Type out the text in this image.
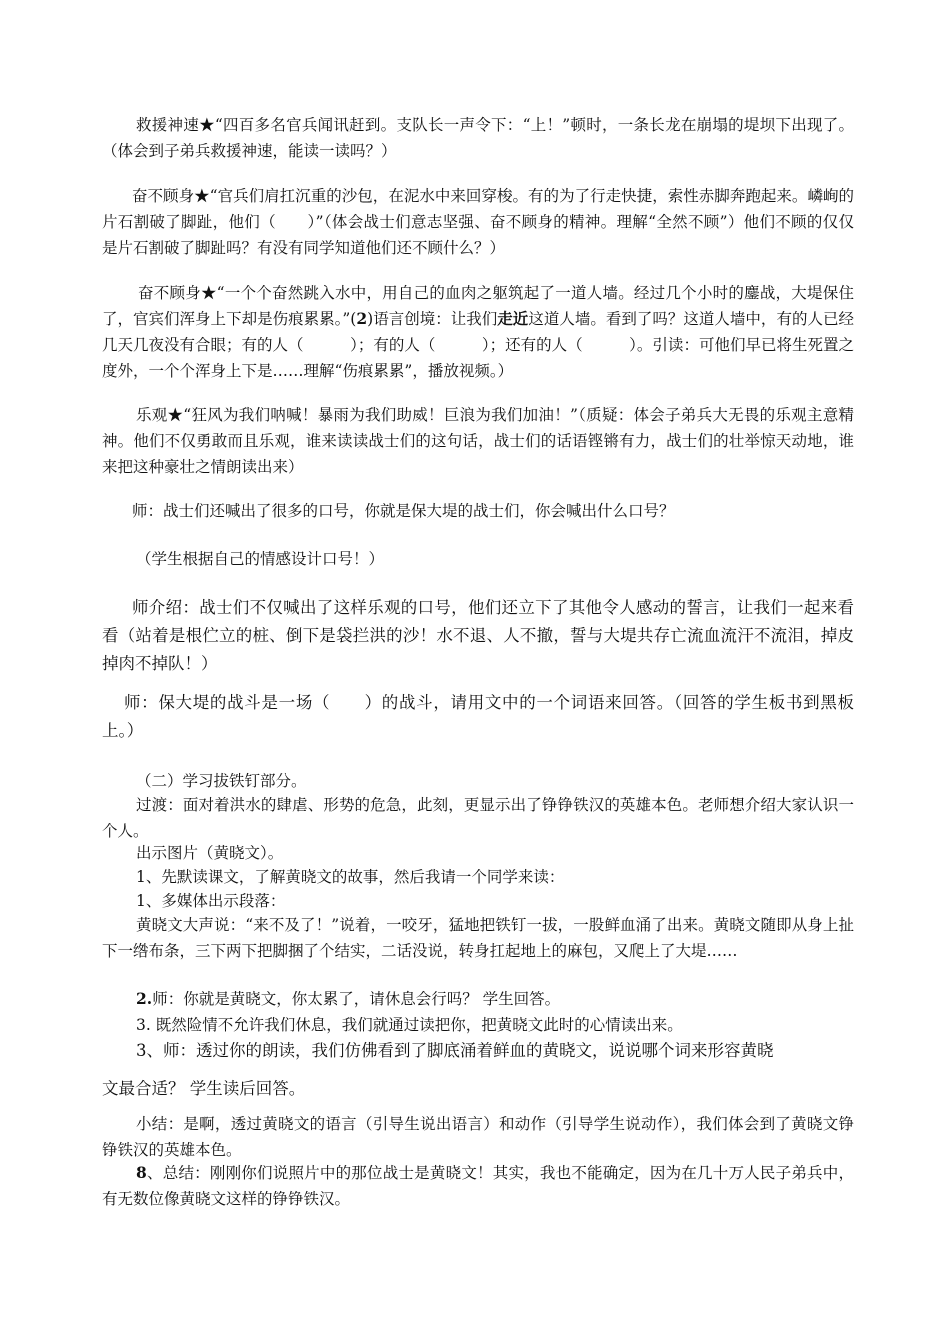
救援神速★“四百多名官兵闻讯赶到。支队长一声令下：“上！”顿时，一条长龙在崩塌的堤坝下出现了。（体会到子弟兵救援神速，能读一读吗？）

奋不顾身★“官兵们肩扛沉重的沙包，在泥水中来回穿梭。有的为了行走快捷，索性赤脚奔跑起来。嶙峋的片石割破了脚趾，他们（　　）”（体会战士们意志坚强、奋不顾身的精神。理解“全然不顾”）他们不顾的仅仅是片石割破了脚趾吗？有没有同学知道他们还不顾什么？）

奋不顾身★“一个个奋然跳入水中，用自己的血肉之躯筑起了一道人墙。经过几个小时的鏖战，大堤保住了，官宾们浑身上下却是伤痕累累。”(2)语言创境：让我们走近这道人墙。看到了吗？这道人墙中，有的人已经几天几夜没有合眼；有的人（　　　）；有的人（　　　）；还有的人（　　　）。引读：可他们早已将生死置之度外，一个个浑身上下是……理解“伤痕累累”，播放视频。）

乐观★“狂风为我们呐喊！暴雨为我们助威！巨浪为我们加油！”（质疑：体会子弟兵大无畏的乐观主意精神。他们不仅勇敢而且乐观，谁来读读战士们的这句话，战士们的话语铿锵有力，战士们的壮举惊天动地，谁来把这种豪壮之情朗读出来）

师：战士们还喊出了很多的口号，你就是保大堤的战士们，你会喊出什么口号？

（学生根据自己的情感设计口号！）

师介绍：战士们不仅喊出了这样乐观的口号，他们还立下了其他令人感动的誓言，让我们一起来看看（站着是根伫立的桩、倒下是袋拦洪的沙！水不退、人不撤，誓与大堤共存亡流血流汗不流泪，掉皮掉肉不掉队！）

师：保大堤的战斗是一场（　　）的战斗，请用文中的一个词语来回答。（回答的学生板书到黑板上。）

（二）学习拔铁钉部分。

过渡：面对着洪水的肆虐、形势的危急，此刻，更显示出了铮铮铁汉的英雄本色。老师想介绍大家认识一个人。

出示图片（黄晓文）。

1、先默读课文，了解黄晓文的故事，然后我请一个同学来读：

1、多媒体出示段落：

黄晓文大声说：“来不及了！”说着，一咬牙，猛地把铁钉一拔，一股鲜血涌了出来。黄晓文随即从身上扯下一绺布条，三下两下把脚捆了个结实，二话没说，转身扛起地上的麻包，又爬上了大堤……

2.师：你就是黄晓文，你太累了，请休息会行吗？ 学生回答。

3. 既然险情不允许我们休息，我们就通过读把你，把黄晓文此时的心情读出来。

3、师：透过你的朗读，我们仿佛看到了脚底涌着鲜血的黄晓文，说说哪个词来形容黄晓

文最合适？ 学生读后回答。

小结：是啊，透过黄晓文的语言（引导生说出语言）和动作（引导学生说动作），我们体会到了黄晓文铮铮铁汉的英雄本色。

8、总结：刚刚你们说照片中的那位战士是黄晓文！其实，我也不能确定，因为在几十万人民子弟兵中，有无数位像黄晓文这样的铮铮铁汉。
